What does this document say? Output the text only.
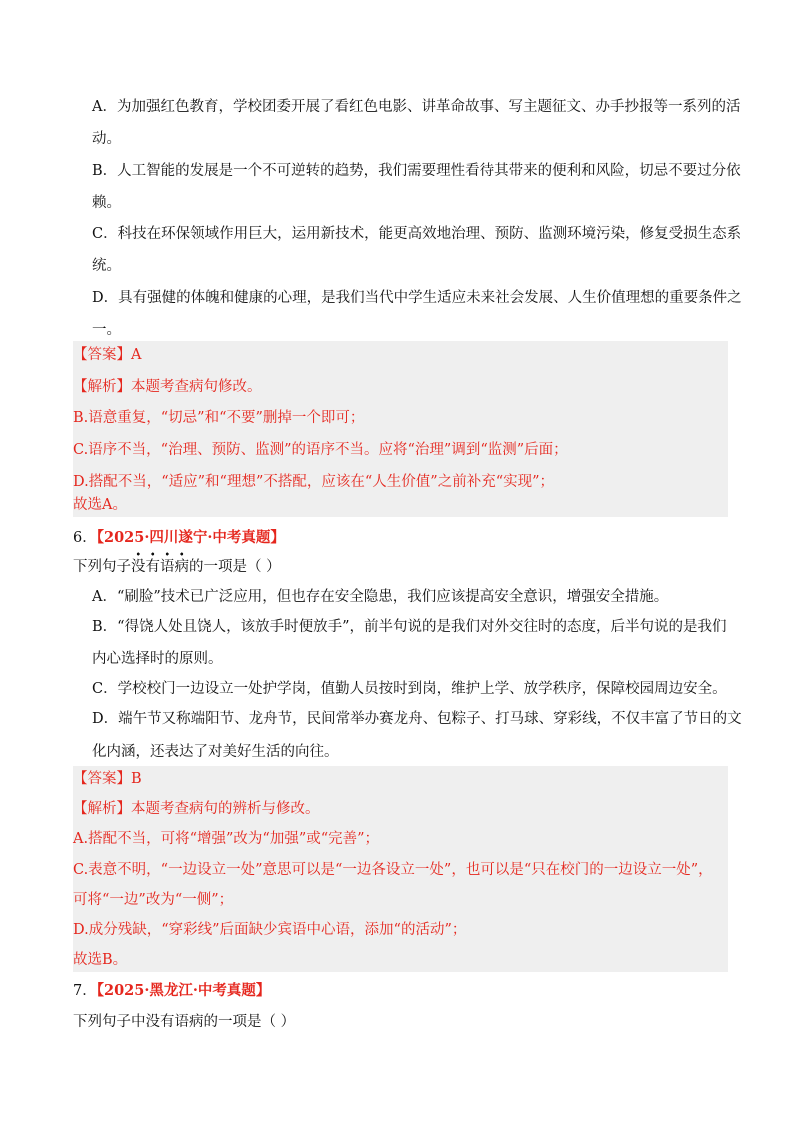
A．为加强红色教育，学校团委开展了看红色电影、讲革命故事、写主题征文、办手抄报等一系列的活
动。
B．人工智能的发展是一个不可逆转的趋势，我们需要理性看待其带来的便利和风险，切忌不要过分依
赖。
C．科技在环保领域作用巨大，运用新技术，能更高效地治理、预防、监测环境污染，修复受损生态系
统。
D．具有强健的体魄和健康的心理，是我们当代中学生适应未来社会发展、人生价值理想的重要条件之
一。
【答案】A
【解析】本题考查病句修改。
B.语意重复，“切忌”和“不要”删掉一个即可；
C.语序不当，“治理、预防、监测”的语序不当。应将“治理”调到“监测”后面；
D.搭配不当，“适应”和“理想”不搭配，应该在“人生价值”之前补充“实现”；
故选A。
6．【2025·四川遂宁·中考真题】
下列句子没有语病的一项是（ ）
A．“刷脸”技术已广泛应用，但也存在安全隐患，我们应该提高安全意识，增强安全措施。
B．“得饶人处且饶人，该放手时便放手”，前半句说的是我们对外交往时的态度，后半句说的是我们
内心选择时的原则。
C．学校校门一边设立一处护学岗，值勤人员按时到岗，维护上学、放学秩序，保障校园周边安全。
D．端午节又称端阳节、龙舟节，民间常举办赛龙舟、包粽子、打马球、穿彩线，不仅丰富了节日的文
化内涵，还表达了对美好生活的向往。
【答案】B
【解析】本题考查病句的辨析与修改。
A.搭配不当，可将“增强”改为“加强”或“完善”；
C.表意不明，“一边设立一处”意思可以是“一边各设立一处”，也可以是“只在校门的一边设立一处”，
可将“一边”改为“一侧”；
D.成分残缺，“穿彩线”后面缺少宾语中心语，添加“的活动”；
故选B。
7．【2025·黑龙江·中考真题】
下列句子中没有语病的一项是（ ）
